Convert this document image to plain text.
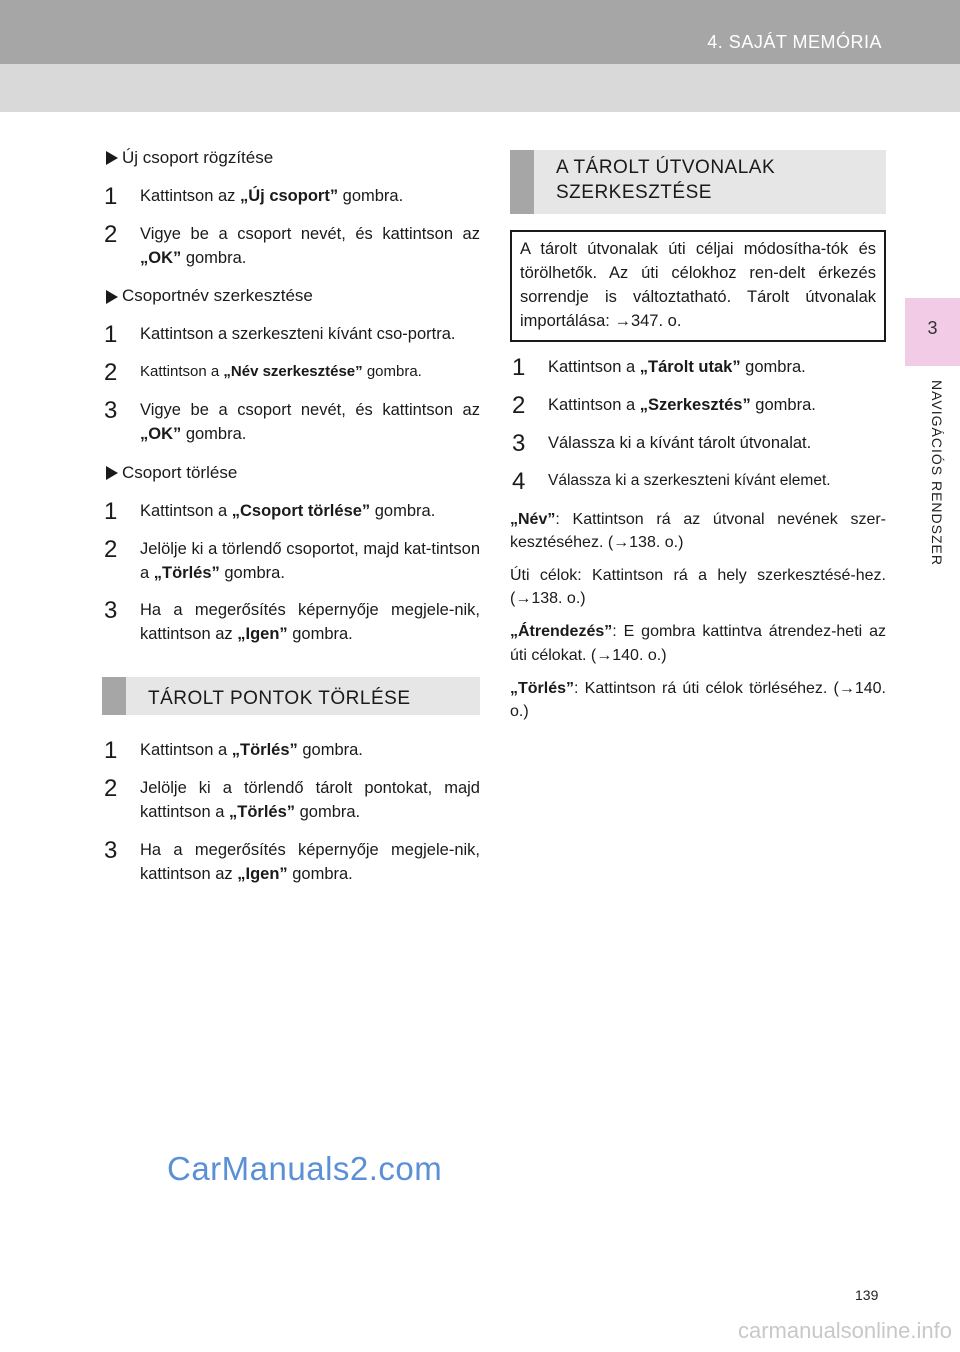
4. SAJÁT MEMÓRIA
3
NAVIGÁCIÓS RENDSZER
Új csoport rögzítése
1	Kattintson az „Új csoport” gombra.
2	Vigye be a csoport nevét, és kattintson az „OK” gombra.
Csoportnév szerkesztése
1	Kattintson a szerkeszteni kívánt cso-portra.
2	Kattintson a „Név szerkesztése” gombra.
3	Vigye be a csoport nevét, és kattintson az „OK” gombra.
Csoport törlése
1	Kattintson a „Csoport törlése” gombra.
2	Jelölje ki a törlendő csoportot, majd kat-tintson a „Törlés” gombra.
3	Ha a megerősítés képernyője megjele-nik, kattintson az „Igen” gombra.
TÁROLT PONTOK TÖRLÉSE
1	Kattintson a „Törlés” gombra.
2	Jelölje ki a törlendő tárolt pontokat, majd kattintson a „Törlés” gombra.
3	Ha a megerősítés képernyője megjele-nik, kattintson az „Igen” gombra.
A TÁROLT ÚTVONALAK
SZERKESZTÉSE
A tárolt útvonalak úti céljai módosítha-tók és törölhetők. Az úti célokhoz ren-delt érkezés sorrendje is változtatható. Tárolt útvonalak importálása: →347. o.
1	Kattintson a „Tárolt utak” gombra.
2	Kattintson a „Szerkesztés” gombra.
3	Válassza ki a kívánt tárolt útvonalat.
4	Válassza ki a szerkeszteni kívánt elemet.

„Név”: Kattintson rá az útvonal nevének szer-kesztéséhez. (→138. o.)

Úti célok: Kattintson rá a hely szerkesztésé-hez. (→138. o.)

„Átrendezés”: E gombra kattintva átrendez-heti az úti célokat. (→140. o.)

„Törlés”: Kattintson rá úti célok törléséhez. (→140. o.)

CarManuals2.com
139
carmanualsonline.info
